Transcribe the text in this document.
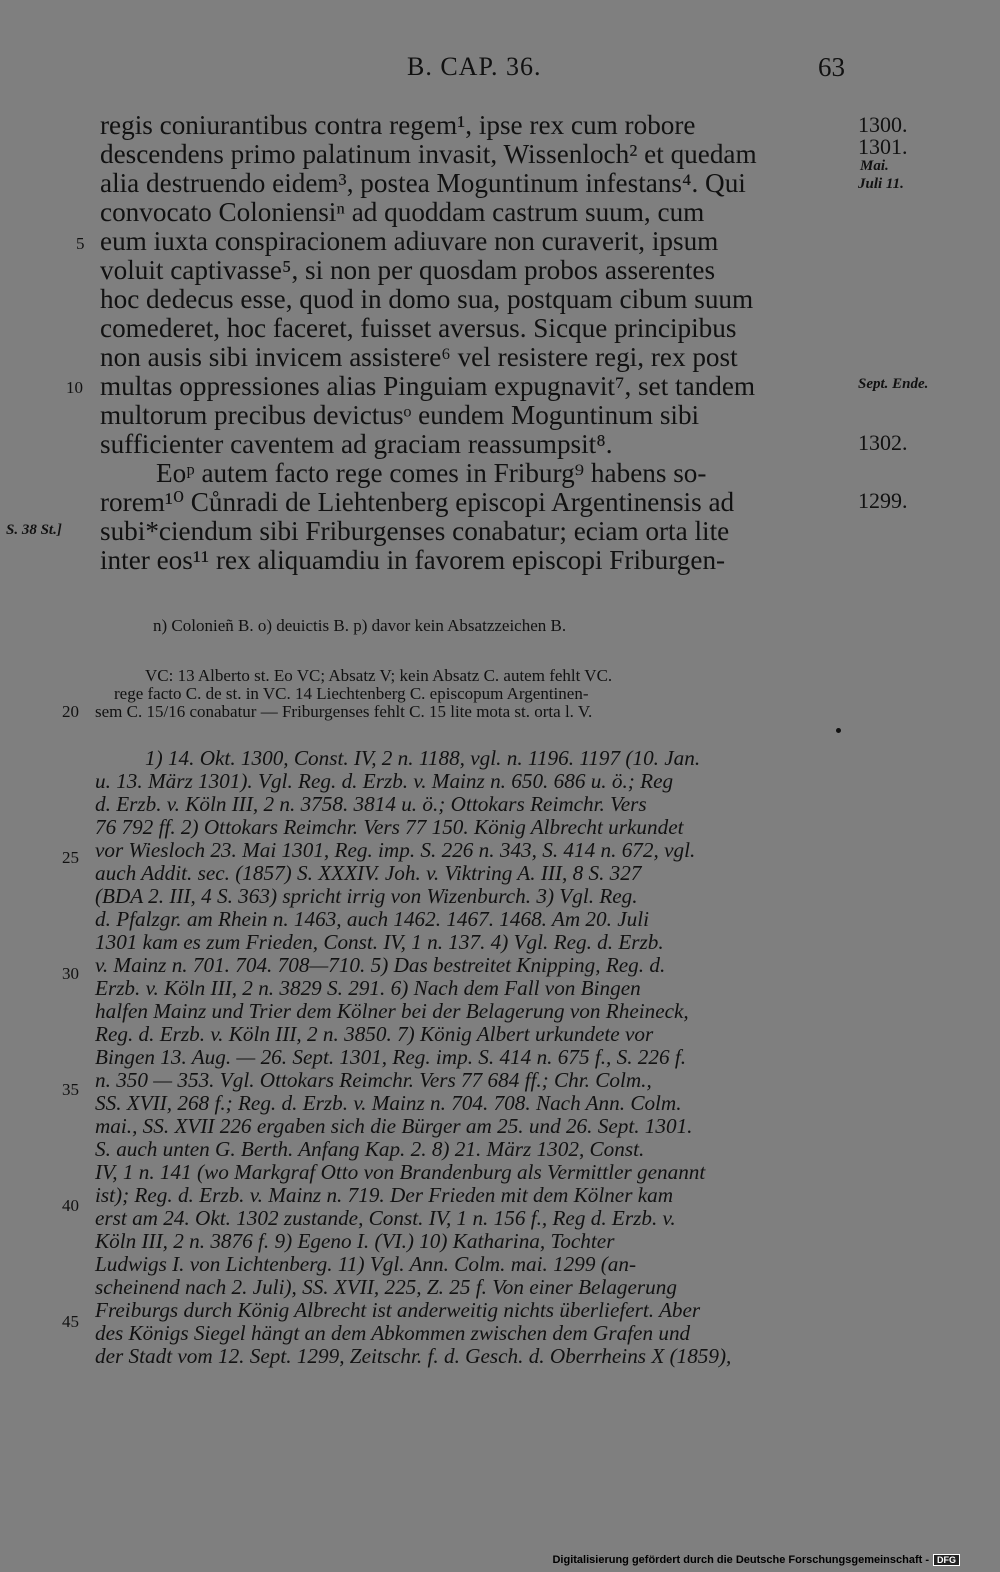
B. CAP. 36.	63
regis coniurantibus contra regem¹, ipse rex cum robore
descendens primo palatinum invasit, Wissenloch² et quedam
alia destruendo eidem³, postea Moguntinum infestans⁴. Qui
convocato Coloniensiⁿ ad quoddam castrum suum, cum
eum iuxta conspiracionem adiuvare non curaverit, ipsum
voluit captivasse⁵, si non per quosdam probos asserentes
hoc dedecus esse, quod in domo sua, postquam cibum suum
comederet, hoc faceret, fuisset aversus. Sicque principibus
non ausis sibi invicem assistere⁶ vel resistere regi, rex post
multas oppressiones alias Pinguiam expugnavit⁷, set tandem
multorum precibus devictusᵒ eundem Moguntinum sibi
sufficienter caventem ad graciam reassumpsit⁸.
Eoᵖ autem facto rege comes in Friburg⁹ habens so-
rorem¹⁰ Cůnradi de Liehtenberg episcopi Argentinensis ad
subi*ciendum sibi Friburgenses conabatur; eciam orta lite
inter eos¹¹ rex aliquamdiu in favorem episcopi Friburgen-
5
10
20
25
30
35
40
45
1300.
1301.
Mai.
Juli 11.
Sept. Ende.
1302.
1299.
S. 38 St.]
n) Colonieñ B. o) deuictis B. p) davor kein Absatzzeichen B.
VC: 13 Alberto st. Eo VC; Absatz V; kein Absatz C. autem fehlt VC.
rege facto C. de st. in VC. 14 Liechtenberg C. episcopum Argentinen-
sem C. 15/16 conabatur — Friburgenses fehlt C. 15 lite mota st. orta l. V.
1) 14. Okt. 1300, Const. IV, 2 n. 1188, vgl. n. 1196. 1197 (10. Jan.
u. 13. März 1301). Vgl. Reg. d. Erzb. v. Mainz n. 650. 686 u. ö.; Reg
d. Erzb. v. Köln III, 2 n. 3758. 3814 u. ö.; Ottokars Reimchr. Vers
76 792 ff. 2) Ottokars Reimchr. Vers 77 150. König Albrecht urkundet
vor Wiesloch 23. Mai 1301, Reg. imp. S. 226 n. 343, S. 414 n. 672, vgl.
auch Addit. sec. (1857) S. XXXIV. Joh. v. Viktring A. III, 8 S. 327
(BDA 2. III, 4 S. 363) spricht irrig von Wizenburch. 3) Vgl. Reg.
d. Pfalzgr. am Rhein n. 1463, auch 1462. 1467. 1468. Am 20. Juli
1301 kam es zum Frieden, Const. IV, 1 n. 137. 4) Vgl. Reg. d. Erzb.
v. Mainz n. 701. 704. 708—710. 5) Das bestreitet Knipping, Reg. d.
Erzb. v. Köln III, 2 n. 3829 S. 291. 6) Nach dem Fall von Bingen
halfen Mainz und Trier dem Kölner bei der Belagerung von Rheineck,
Reg. d. Erzb. v. Köln III, 2 n. 3850. 7) König Albert urkundete vor
Bingen 13. Aug. — 26. Sept. 1301, Reg. imp. S. 414 n. 675 f., S. 226 f.
n. 350 — 353. Vgl. Ottokars Reimchr. Vers 77 684 ff.; Chr. Colm.,
SS. XVII, 268 f.; Reg. d. Erzb. v. Mainz n. 704. 708. Nach Ann. Colm.
mai., SS. XVII 226 ergaben sich die Bürger am 25. und 26. Sept. 1301.
S. auch unten G. Berth. Anfang Kap. 2. 8) 21. März 1302, Const.
IV, 1 n. 141 (wo Markgraf Otto von Brandenburg als Vermittler genannt
ist); Reg. d. Erzb. v. Mainz n. 719. Der Frieden mit dem Kölner kam
erst am 24. Okt. 1302 zustande, Const. IV, 1 n. 156 f., Reg d. Erzb. v.
Köln III, 2 n. 3876 f. 9) Egeno I. (VI.) 10) Katharina, Tochter
Ludwigs I. von Lichtenberg. 11) Vgl. Ann. Colm. mai. 1299 (an-
scheinend nach 2. Juli), SS. XVII, 225, Z. 25 f. Von einer Belagerung
Freiburgs durch König Albrecht ist anderweitig nichts überliefert. Aber
des Königs Siegel hängt an dem Abkommen zwischen dem Grafen und
der Stadt vom 12. Sept. 1299, Zeitschr. f. d. Gesch. d. Oberrheins X (1859),
Digitalisierung gefördert durch die Deutsche Forschungsgemeinschaft - DFG
